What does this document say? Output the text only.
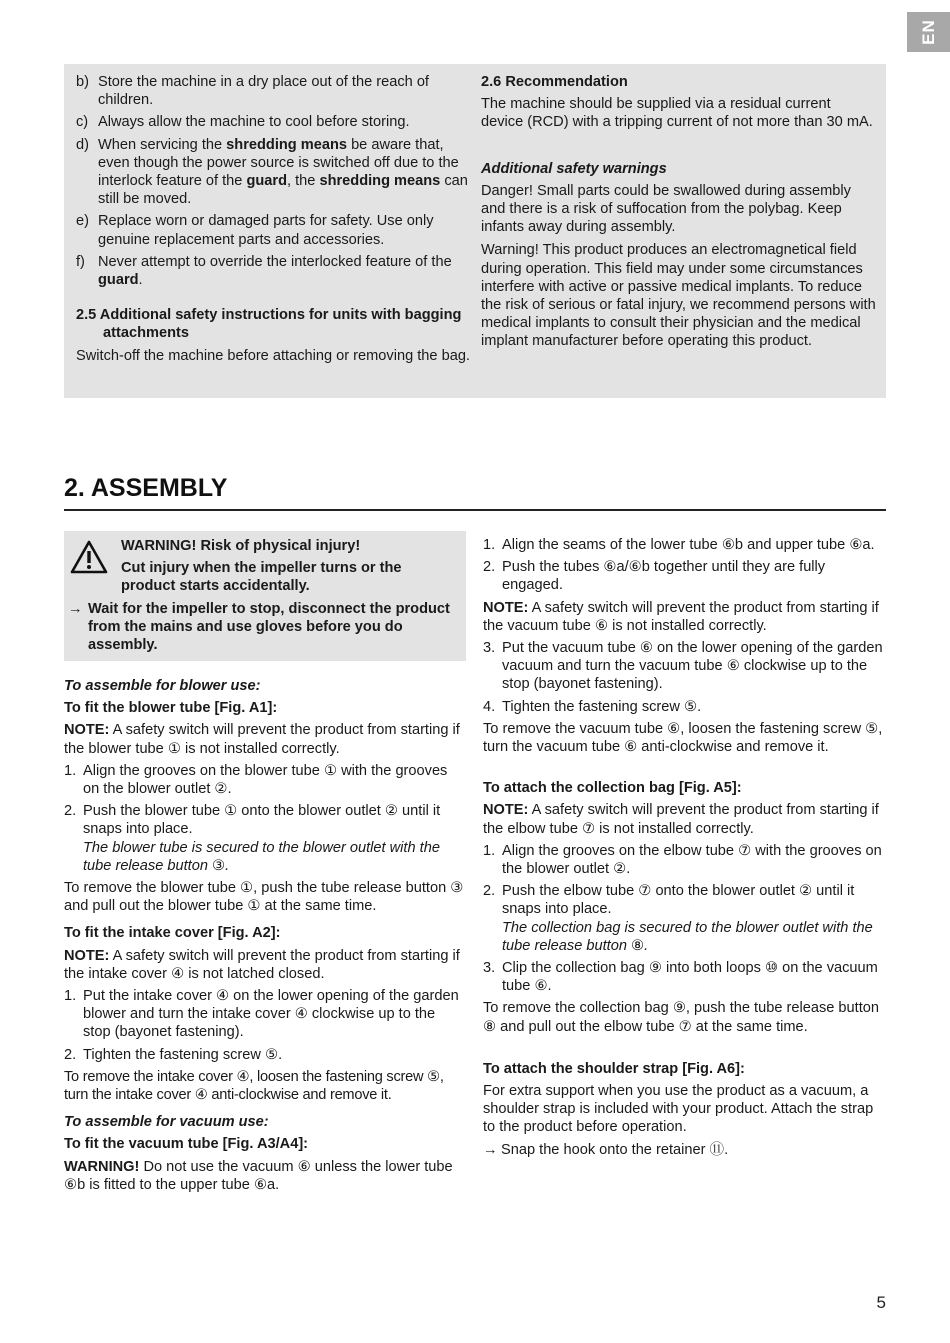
EN
b) Store the machine in a dry place out of the reach of children.
c) Always allow the machine to cool before storing.
d) When servicing the shredding means be aware that, even though the power source is switched off due to the interlock feature of the guard, the shredding means can still be moved.
e) Replace worn or damaged parts for safety. Use only genuine replacement parts and accessories.
f) Never attempt to override the interlocked feature of the guard.
2.5 Additional safety instructions for units with bagging attachments
Switch-off the machine before attaching or removing the bag.
2.6 Recommendation
The machine should be supplied via a residual current device (RCD) with a tripping current of not more than 30 mA.
Additional safety warnings
Danger! Small parts could be swallowed during assembly and there is a risk of suffocation from the polybag. Keep infants away during assembly.
Warning! This product produces an electromagnetical field during operation. This field may under some circumstances interfere with active or passive medical implants. To reduce the risk of serious or fatal injury, we recommend persons with medical implants to consult their physician and the medical implant manufacturer before operating this product.
2. ASSEMBLY
WARNING! Risk of physical injury!
Cut injury when the impeller turns or the product starts accidentally.
→ Wait for the impeller to stop, disconnect the product from the mains and use gloves before you do assembly.
To assemble for blower use:
To fit the blower tube [Fig. A1]:
NOTE: A safety switch will prevent the product from starting if the blower tube ① is not installed correctly.
1. Align the grooves on the blower tube ① with the grooves on the blower outlet ②.
2. Push the blower tube ① onto the blower outlet ② until it snaps into place.
The blower tube is secured to the blower outlet with the tube release button ③.
To remove the blower tube ①, push the tube release button ③ and pull out the blower tube ① at the same time.
To fit the intake cover [Fig. A2]:
NOTE: A safety switch will prevent the product from starting if the intake cover ④ is not latched closed.
1. Put the intake cover ④ on the lower opening of the garden blower and turn the intake cover ④ clockwise up to the stop (bayonet fastening).
2. Tighten the fastening screw ⑤.
To remove the intake cover ④, loosen the fastening screw ⑤, turn the intake cover ④ anti-clockwise and remove it.
To assemble for vacuum use:
To fit the vacuum tube [Fig. A3/A4]:
WARNING! Do not use the vacuum ⑥ unless the lower tube ⑥b is fitted to the upper tube ⑥a.
1. Align the seams of the lower tube ⑥b and upper tube ⑥a.
2. Push the tubes ⑥a/⑥b together until they are fully engaged.
NOTE: A safety switch will prevent the product from starting if the vacuum tube ⑥ is not installed correctly.
3. Put the vacuum tube ⑥ on the lower opening of the garden vacuum and turn the vacuum tube ⑥ clockwise up to the stop (bayonet fastening).
4. Tighten the fastening screw ⑤.
To remove the vacuum tube ⑥, loosen the fastening screw ⑤, turn the vacuum tube ⑥ anti-clockwise and remove it.
To attach the collection bag [Fig. A5]:
NOTE: A safety switch will prevent the product from starting if the elbow tube ⑦ is not installed correctly.
1. Align the grooves on the elbow tube ⑦ with the grooves on the blower outlet ②.
2. Push the elbow tube ⑦ onto the blower outlet ② until it snaps into place.
The collection bag is secured to the blower outlet with the tube release button ⑧.
3. Clip the collection bag ⑨ into both loops ⑩ on the vacuum tube ⑥.
To remove the collection bag ⑨, push the tube release button ⑧ and pull out the elbow tube ⑦ at the same time.
To attach the shoulder strap [Fig. A6]:
For extra support when you use the product as a vacuum, a shoulder strap is included with your product. Attach the strap to the product before operation.
→ Snap the hook onto the retainer ⑪.
5
